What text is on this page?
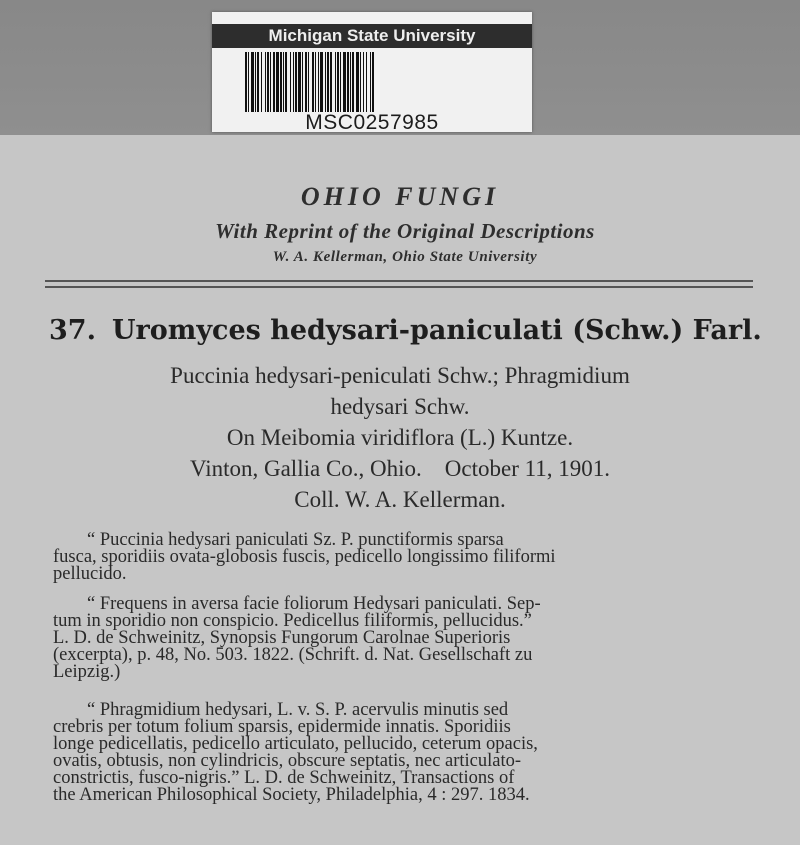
Michigan State University
MSC0257985
OHIO FUNGI
With Reprint of the Original Descriptions
W. A. Kellerman, Ohio State University
37. Uromyces hedysari-paniculati (Schw.) Farl.
Puccinia hedysari-peniculati Schw.; Phragmidium
hedysari Schw.
On Meibomia viridiflora (L.) Kuntze.
Vinton, Gallia Co., Ohio.    October 11, 1901.
Coll. W. A. Kellerman.
“ Puccinia hedysari paniculati Sz. P. punctiformis sparsa
fusca, sporidiis ovata-globosis fuscis, pedicello longissimo filiformi
pellucido.
“ Frequens in aversa facie foliorum Hedysari paniculati. Sep-
tum in sporidio non conspicio. Pedicellus filiformis, pellucidus.”
L. D. de Schweinitz, Synopsis Fungorum Carolnae Superioris
(excerpta), p. 48, No. 503. 1822. (Schrift. d. Nat. Gesellschaft zu
Leipzig.)
“ Phragmidium hedysari, L. v. S. P. acervulis minutis sed
crebris per totum folium sparsis, epidermide innatis. Sporidiis
longe pedicellatis, pedicello articulato, pellucido, ceterum opacis,
ovatis, obtusis, non cylindricis, obscure septatis, nec articulato-
constrictis, fusco-nigris.” L. D. de Schweinitz, Transactions of
the American Philosophical Society, Philadelphia, 4 : 297. 1834.
